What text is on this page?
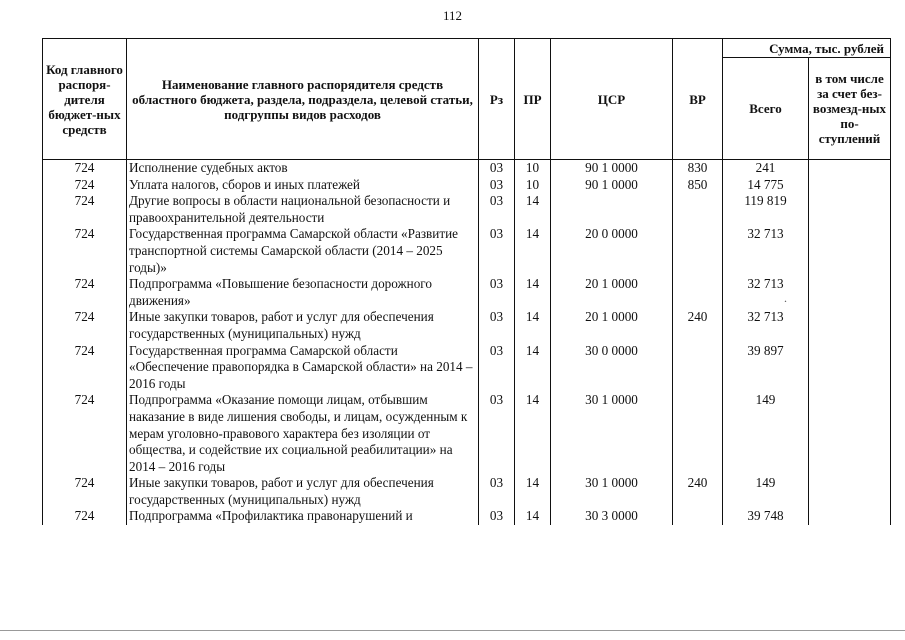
112
Код главного распоря-дителя бюджет-ных средств	Наименование главного распорядителя средств областного бюджета, раздела, подраздела, целевой статьи, подгруппы видов расходов	Рз	ПР	ЦСР	ВР	Сумма, тыс. рублей	
						Всего	в том числе за счет без-возмезд-ных по-ступлений
724	Исполнение судебных актов	03	10	90 1 0000	830	241	
724	Уплата налогов, сборов и иных платежей	03	10	90 1 0000	850	14 775	
724	Другие вопросы в области национальной безопасности и правоохранительной деятельности	03	14			119 819	
724	Государственная программа Самарской области «Развитие транспортной системы Самарской области (2014 – 2025 годы)»	03	14	20 0 0000		32 713	
724	Подпрограмма «Повышение безопасности дорожного движения»	03	14	20 1 0000		32 713	
724	Иные закупки товаров, работ и услуг для обеспечения государственных (муниципальных) нужд	03	14	20 1 0000	240	32 713	
724	Государственная программа Самарской области «Обеспечение правопорядка в Самарской области» на 2014 – 2016 годы	03	14	30 0 0000		39 897	
724	Подпрограмма «Оказание помощи лицам, отбывшим наказание в виде лишения свободы, и лицам, осужденным к мерам уголовно-правового характера без изоляции от общества, и содействие их социальной реабилитации» на 2014 – 2016 годы	03	14	30 1 0000		149	
724	Иные закупки товаров, работ и услуг для обеспечения государственных (муниципальных) нужд	03	14	30 1 0000	240	149	
724	Подпрограмма «Профилактика правонарушений и	03	14	30 3 0000		39 748	
.
